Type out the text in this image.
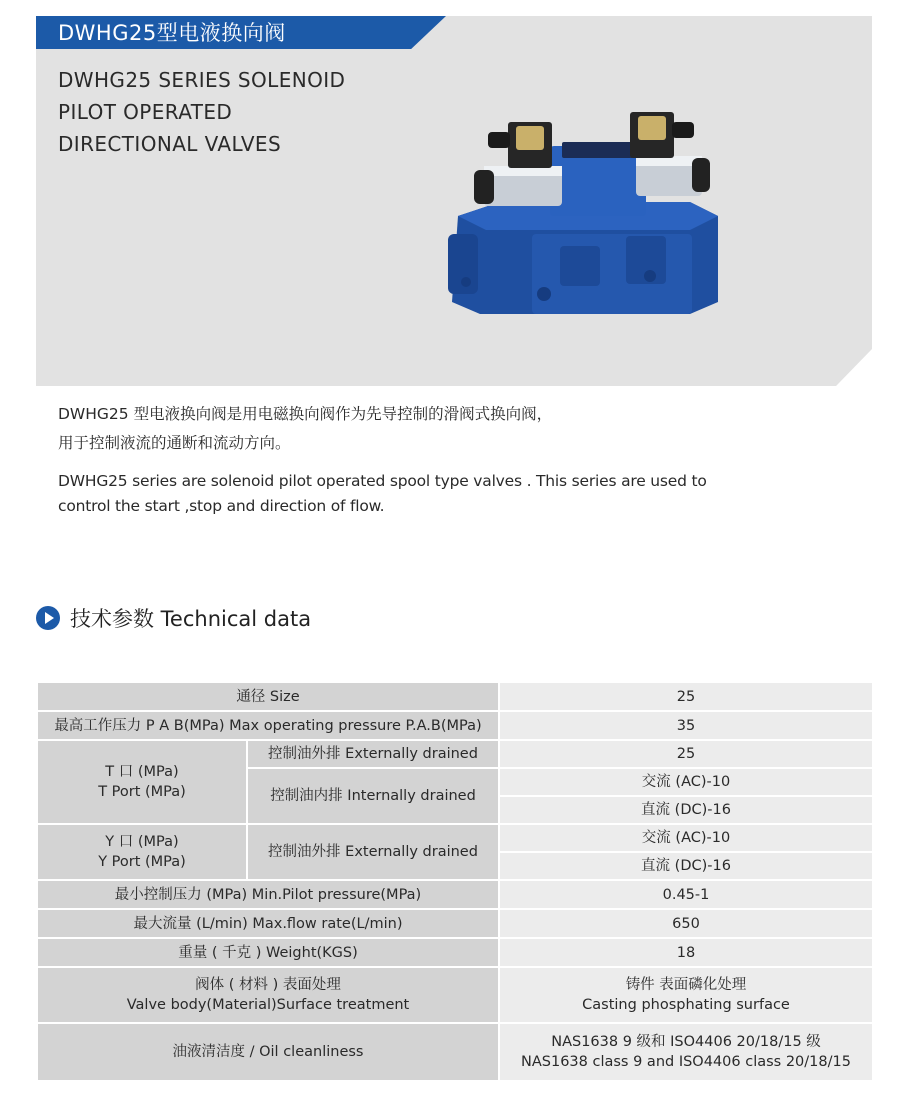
DWHG25型电液换向阀
DWHG25 SERIES SOLENOID
PILOT OPERATED
DIRECTIONAL VALVES
DWHG25 型电液换向阀是用电磁换向阀作为先导控制的滑阀式换向阀，
用于控制液流的通断和流动方向。
DWHG25 series are solenoid pilot operated spool type valves . This series are used to
control the start ,stop and direction of flow.
技术参数 Technical data
通径 Size		25
最高工作压力 P A B(MPa) Max operating pressure P.A.B(MPa)		35

T 口 (MPa)
T Port (MPa)	控制油外排 Externally drained	25
	控制油内排 Internally drained	交流 (AC)-10
		直流 (DC)-16

Y 口 (MPa)
Y Port (MPa)	控制油外排 Externally drained	交流 (AC)-10
		直流 (DC)-16
最小控制压力 (MPa) Min.Pilot pressure(MPa)		0.45-1
最大流量 (L/min) Max.flow rate(L/min)		650
重量 ( 千克 ) Weight(KGS)		18

阀体 ( 材料 ) 表面处理
Valve body(Material)Surface treatment		铸件 表面磷化处理
Casting phosphating surface

油液清洁度 / Oil cleanliness		NAS1638 9 级和 ISO4406 20/18/15 级
NAS1638 class 9 and ISO4406 class 20/18/15
